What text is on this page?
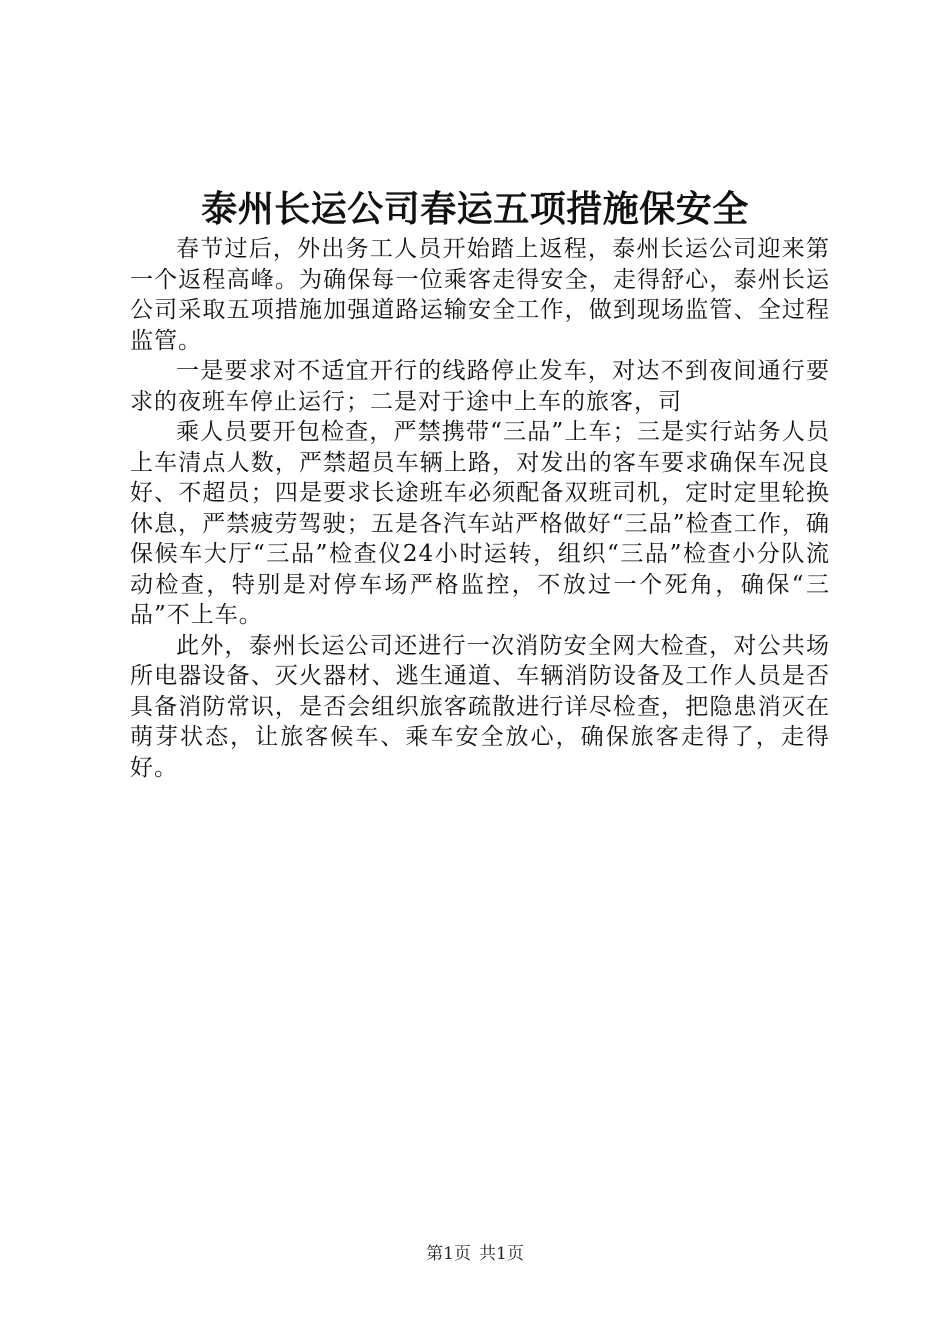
泰州长运公司春运五项措施保安全

春节过后，外出务工人员开始踏上返程，泰州长运公司迎来第一个返程高峰。为确保每一位乘客走得安全，走得舒心，泰州长运公司采取五项措施加强道路运输安全工作，做到现场监管、全过程监管。

一是要求对不适宜开行的线路停止发车，对达不到夜间通行要求的夜班车停止运行；二是对于途中上车的旅客，司

乘人员要开包检查，严禁携带“三品”上车；三是实行站务人员上车清点人数，严禁超员车辆上路，对发出的客车要求确保车况良好、不超员；四是要求长途班车必须配备双班司机，定时定里轮换休息，严禁疲劳驾驶；五是各汽车站严格做好“三品”检查工作，确保候车大厅“三品”检查仪24小时运转，组织“三品”检查小分队流动检查，特别是对停车场严格监控，不放过一个死角，确保“三品”不上车。

此外，泰州长运公司还进行一次消防安全网大检查，对公共场所电器设备、灭火器材、逃生通道、车辆消防设备及工作人员是否具备消防常识，是否会组织旅客疏散进行详尽检查，把隐患消灭在萌芽状态，让旅客候车、乘车安全放心，确保旅客走得了，走得好。

第1页 共1页
